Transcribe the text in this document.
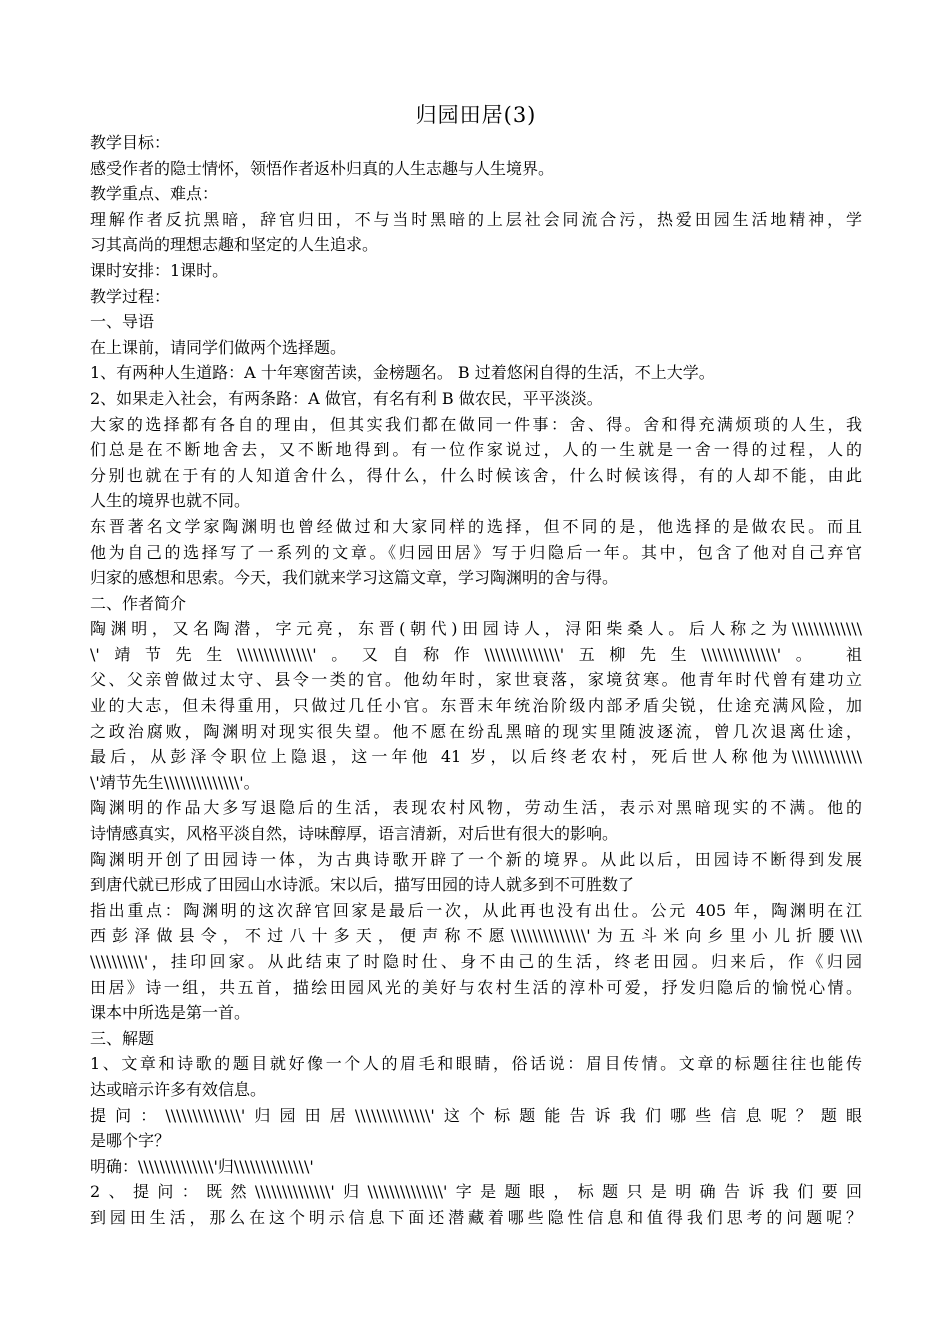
归园田居(3)

教学目标：

感受作者的隐士情怀，领悟作者返朴归真的人生志趣与人生境界。

教学重点、难点：

理解作者反抗黑暗，辞官归田，不与当时黑暗的上层社会同流合污，热爱田园生活地精神，学

习其高尚的理想志趣和坚定的人生追求。

课时安排：1课时。

教学过程：

一、导语

在上课前，请同学们做两个选择题。

1、有两种人生道路：A 十年寒窗苦读，金榜题名。 B 过着悠闲自得的生活，不上大学。

2、如果走入社会，有两条路：A 做官，有名有利 B 做农民，平平淡淡。

大家的选择都有各自的理由，但其实我们都在做同一件事：舍、得。舍和得充满烦琐的人生，我

们总是在不断地舍去，又不断地得到。有一位作家说过，人的一生就是一舍一得的过程，人的

分别也就在于有的人知道舍什么，得什么，什么时候该舍，什么时候该得，有的人却不能，由此

人生的境界也就不同。

东晋著名文学家陶渊明也曾经做过和大家同样的选择，但不同的是，他选择的是做农民。而且

他为自己的选择写了一系列的文章。《归园田居》写于归隐后一年。其中，包含了他对自己弃官

归家的感想和思索。今天，我们就来学习这篇文章，学习陶渊明的舍与得。

二、作者简介

陶渊明，又名陶潜，字元亮，东晋(朝代)田园诗人，浔阳柴桑人。后人称之为\\\\\\\\\\\\\

\'靖节先生\\\\\\\\\\\\\\'。又自称作\\\\\\\\\\\\\\'五柳先生\\\\\\\\\\\\\\'。 祖

父、父亲曾做过太守、县令一类的官。他幼年时，家世衰落，家境贫寒。他青年时代曾有建功立

业的大志，但未得重用，只做过几任小官。东晋末年统治阶级内部矛盾尖锐，仕途充满风险，加

之政治腐败，陶渊明对现实很失望。他不愿在纷乱黑暗的现实里随波逐流，曾几次退离仕途，

最后，从彭泽令职位上隐退，这一年他 41 岁，以后终老农村，死后世人称他为\\\\\\\\\\\\\

\'靖节先生\\\\\\\\\\\\\\'。

陶渊明的作品大多写退隐后的生活，表现农村风物，劳动生活，表示对黑暗现实的不满。他的

诗情感真实，风格平淡自然，诗味醇厚，语言清新，对后世有很大的影响。

陶渊明开创了田园诗一体，为古典诗歌开辟了一个新的境界。从此以后，田园诗不断得到发展

到唐代就已形成了田园山水诗派。宋以后，描写田园的诗人就多到不可胜数了

指出重点：陶渊明的这次辞官回家是最后一次，从此再也没有出仕。公元 405 年，陶渊明在江

西彭泽做县令，不过八十多天，便声称不愿\\\\\\\\\\\\\\'为五斗米向乡里小儿折腰\\\\

\\\\\\\\\\'，挂印回家。从此结束了时隐时仕、身不由己的生活，终老田园。归来后，作《归园

田居》诗一组，共五首，描绘田园风光的美好与农村生活的淳朴可爱，抒发归隐后的愉悦心情。

课本中所选是第一首。

三、解题

1、文章和诗歌的题目就好像一个人的眉毛和眼睛，俗话说：眉目传情。文章的标题往往也能传

达或暗示许多有效信息。

提问：\\\\\\\\\\\\\\'归园田居\\\\\\\\\\\\\\'这个标题能告诉我们哪些信息呢？题眼

是哪个字？

明确：\\\\\\\\\\\\\\'归\\\\\\\\\\\\\\'

2、提问：既然\\\\\\\\\\\\\\'归\\\\\\\\\\\\\\'字是题眼，标题只是明确告诉我们要回

到园田生活，那么在这个明示信息下面还潜藏着哪些隐性信息和值得我们思考的问题呢？
